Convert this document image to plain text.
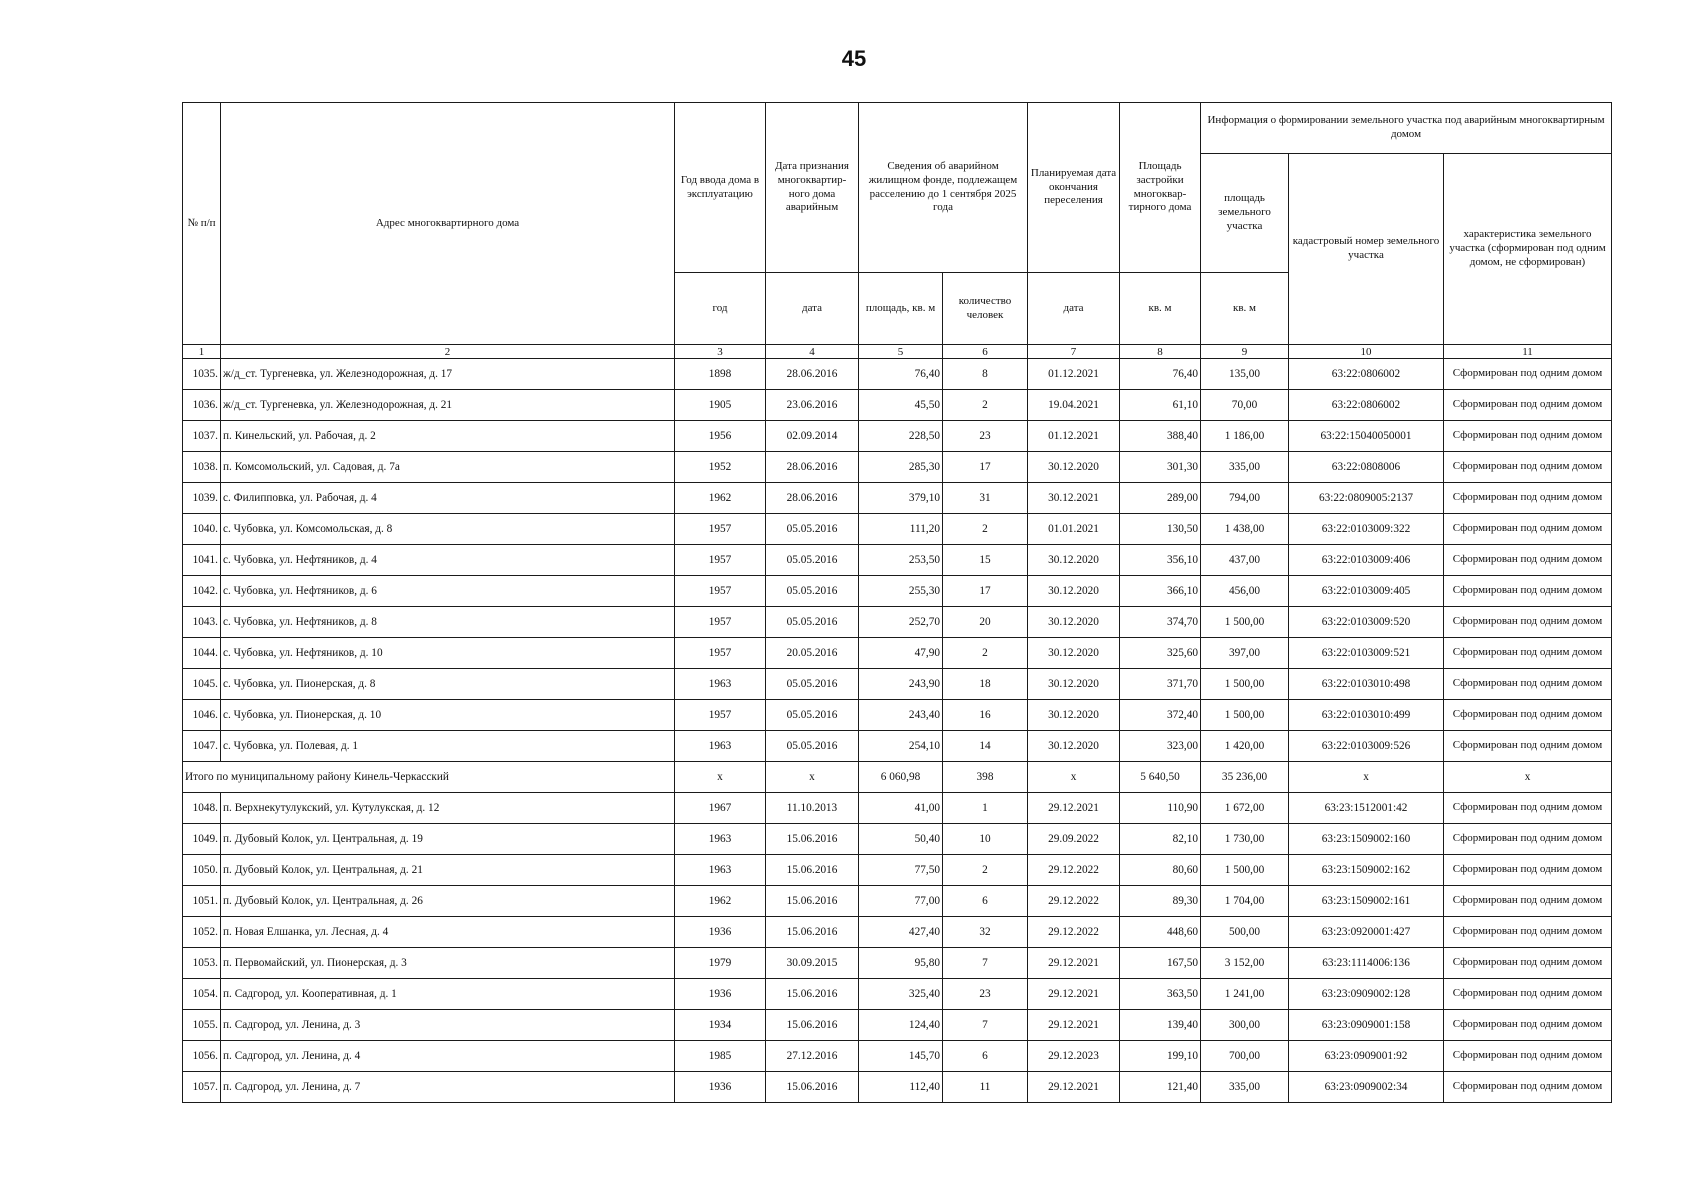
45
№ п/п	Адрес многоквартирного дома	Год ввода дома в эксплуатацию	Дата признания многоквартир-ного дома аварийным	Сведения об аварийном жилищном фонде, подлежащем расселению до 1 сентября 2025 года		Планируемая дата окончания переселения	Площадь застройки многоквар-тирного дома	Информация о формировании земельного участка под аварийным многоквартирным домом		
								площадь земельного участка	кадастровый номер земельного участка	характеристика земельного участка (сформирован под одним домом, не сформирован)
		год	дата	площадь, кв. м	количество человек	дата	кв. м	кв. м		
1	2	3	4	5	6	7	8	9	10	11
1035.	ж/д_ст. Тургеневка, ул. Железнодорожная, д. 17	1898	28.06.2016	76,40	8	01.12.2021	76,40	135,00	63:22:0806002	Сформирован под одним домом
1036.	ж/д_ст. Тургеневка, ул. Железнодорожная, д. 21	1905	23.06.2016	45,50	2	19.04.2021	61,10	70,00	63:22:0806002	Сформирован под одним домом
1037.	п. Кинельский, ул. Рабочая, д. 2	1956	02.09.2014	228,50	23	01.12.2021	388,40	1 186,00	63:22:15040050001	Сформирован под одним домом
1038.	п. Комсомольский, ул. Садовая, д. 7а	1952	28.06.2016	285,30	17	30.12.2020	301,30	335,00	63:22:0808006	Сформирован под одним домом
1039.	с. Филипповка, ул. Рабочая, д. 4	1962	28.06.2016	379,10	31	30.12.2021	289,00	794,00	63:22:0809005:2137	Сформирован под одним домом
1040.	с. Чубовка, ул. Комсомольская, д. 8	1957	05.05.2016	111,20	2	01.01.2021	130,50	1 438,00	63:22:0103009:322	Сформирован под одним домом
1041.	с. Чубовка, ул. Нефтяников, д. 4	1957	05.05.2016	253,50	15	30.12.2020	356,10	437,00	63:22:0103009:406	Сформирован под одним домом
1042.	с. Чубовка, ул. Нефтяников, д. 6	1957	05.05.2016	255,30	17	30.12.2020	366,10	456,00	63:22:0103009:405	Сформирован под одним домом
1043.	с. Чубовка, ул. Нефтяников, д. 8	1957	05.05.2016	252,70	20	30.12.2020	374,70	1 500,00	63:22:0103009:520	Сформирован под одним домом
1044.	с. Чубовка, ул. Нефтяников, д. 10	1957	20.05.2016	47,90	2	30.12.2020	325,60	397,00	63:22:0103009:521	Сформирован под одним домом
1045.	с. Чубовка, ул. Пионерская, д. 8	1963	05.05.2016	243,90	18	30.12.2020	371,70	1 500,00	63:22:0103010:498	Сформирован под одним домом
1046.	с. Чубовка, ул. Пионерская, д. 10	1957	05.05.2016	243,40	16	30.12.2020	372,40	1 500,00	63:22:0103010:499	Сформирован под одним домом
1047.	с. Чубовка, ул. Полевая, д. 1	1963	05.05.2016	254,10	14	30.12.2020	323,00	1 420,00	63:22:0103009:526	Сформирован под одним домом
Итого по муниципальному району Кинель-Черкасский		x	x	6 060,98	398	x	5 640,50	35 236,00	x	x
1048.	п. Верхнекутулукский, ул. Кутулукская, д. 12	1967	11.10.2013	41,00	1	29.12.2021	110,90	1 672,00	63:23:1512001:42	Сформирован под одним домом
1049.	п. Дубовый Колок, ул. Центральная, д. 19	1963	15.06.2016	50,40	10	29.09.2022	82,10	1 730,00	63:23:1509002:160	Сформирован под одним домом
1050.	п. Дубовый Колок, ул. Центральная, д. 21	1963	15.06.2016	77,50	2	29.12.2022	80,60	1 500,00	63:23:1509002:162	Сформирован под одним домом
1051.	п. Дубовый Колок, ул. Центральная, д. 26	1962	15.06.2016	77,00	6	29.12.2022	89,30	1 704,00	63:23:1509002:161	Сформирован под одним домом
1052.	п. Новая Елшанка, ул. Лесная, д. 4	1936	15.06.2016	427,40	32	29.12.2022	448,60	500,00	63:23:0920001:427	Сформирован под одним домом
1053.	п. Первомайский, ул. Пионерская, д. 3	1979	30.09.2015	95,80	7	29.12.2021	167,50	3 152,00	63:23:1114006:136	Сформирован под одним домом
1054.	п. Садгород, ул. Кооперативная, д. 1	1936	15.06.2016	325,40	23	29.12.2021	363,50	1 241,00	63:23:0909002:128	Сформирован под одним домом
1055.	п. Садгород, ул. Ленина, д. 3	1934	15.06.2016	124,40	7	29.12.2021	139,40	300,00	63:23:0909001:158	Сформирован под одним домом
1056.	п. Садгород, ул. Ленина, д. 4	1985	27.12.2016	145,70	6	29.12.2023	199,10	700,00	63:23:0909001:92	Сформирован под одним домом
1057.	п. Садгород, ул. Ленина, д. 7	1936	15.06.2016	112,40	11	29.12.2021	121,40	335,00	63:23:0909002:34	Сформирован под одним домом
